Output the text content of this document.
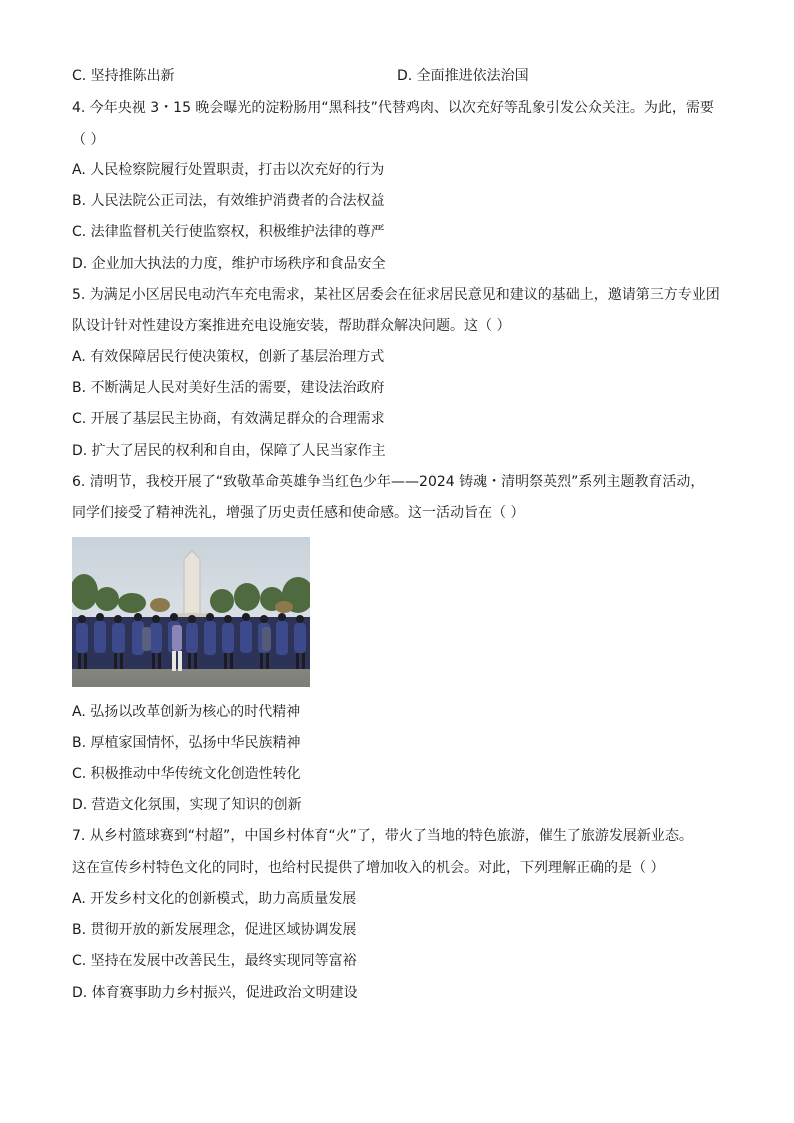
C. 坚持推陈出新	D. 全面推进依法治国
4. 今年央视 3・15 晚会曝光的淀粉肠用“黑科技”代替鸡肉、以次充好等乱象引发公众关注。为此，需要
（ ）
A. 人民检察院履行处置职责，打击以次充好的行为
B. 人民法院公正司法，有效维护消费者的合法权益
C. 法律监督机关行使监察权，积极维护法律的尊严
D. 企业加大执法的力度，维护市场秩序和食品安全
5. 为满足小区居民电动汽车充电需求，某社区居委会在征求居民意见和建议的基础上，邀请第三方专业团
队设计针对性建设方案推进充电设施安装，帮助群众解决问题。这（ ）
A. 有效保障居民行使决策权，创新了基层治理方式
B. 不断满足人民对美好生活的需要，建设法治政府
C. 开展了基层民主协商，有效满足群众的合理需求
D. 扩大了居民的权利和自由，保障了人民当家作主
6. 清明节，我校开展了“致敬革命英雄争当红色少年——2024 铸魂・清明祭英烈”系列主题教育活动，
同学们接受了精神洗礼，增强了历史责任感和使命感。这一活动旨在（ ）
A. 弘扬以改革创新为核心的时代精神
B. 厚植家国情怀，弘扬中华民族精神
C. 积极推动中华传统文化创造性转化
D. 营造文化氛围，实现了知识的创新
7. 从乡村篮球赛到“村超”，中国乡村体育“火”了，带火了当地的特色旅游，催生了旅游发展新业态。
这在宣传乡村特色文化的同时，也给村民提供了增加收入的机会。对此，下列理解正确的是（ ）
A. 开发乡村文化的创新模式，助力高质量发展
B. 贯彻开放的新发展理念，促进区域协调发展
C. 坚持在发展中改善民生，最终实现同等富裕
D. 体育赛事助力乡村振兴，促进政治文明建设
